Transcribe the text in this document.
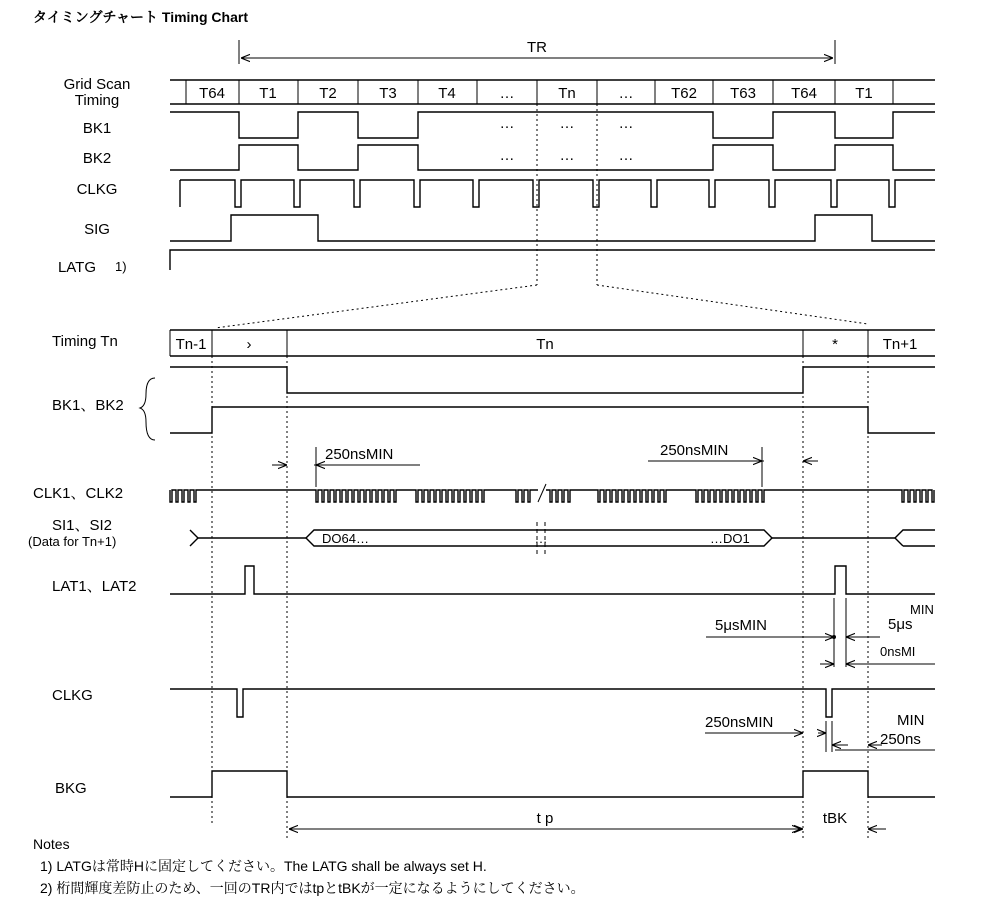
タイミングチャート Timing Chart
TR
Grid Scan
Timing
BK1
BK2
CLKG
SIG
LATG 1)
T64 T1	T2	T3	T4	…	Tn	…	T62 T63 T64	T1
…	…	…
…	…	…
Timing Tn
BK1、BK2
CLK1、CLK2
SI1、SI2
(Data for Tn+1)
LAT1、LAT2
CLKG
BKG
Tn-1	›	Tn	*	Tn+1
250nsMIN	250nsMIN
DO64…	…	…DO1
5μsMIN
MIN
5μs
0nsMI
250nsMIN	MIN
250ns
t p	tBK
Notes
1) LATGは常時Hに固定してください。The LATG shall be always set H.
2) 桁間輝度差防止のため、一回のTR内ではtpとtBKが一定になるようにしてください。
